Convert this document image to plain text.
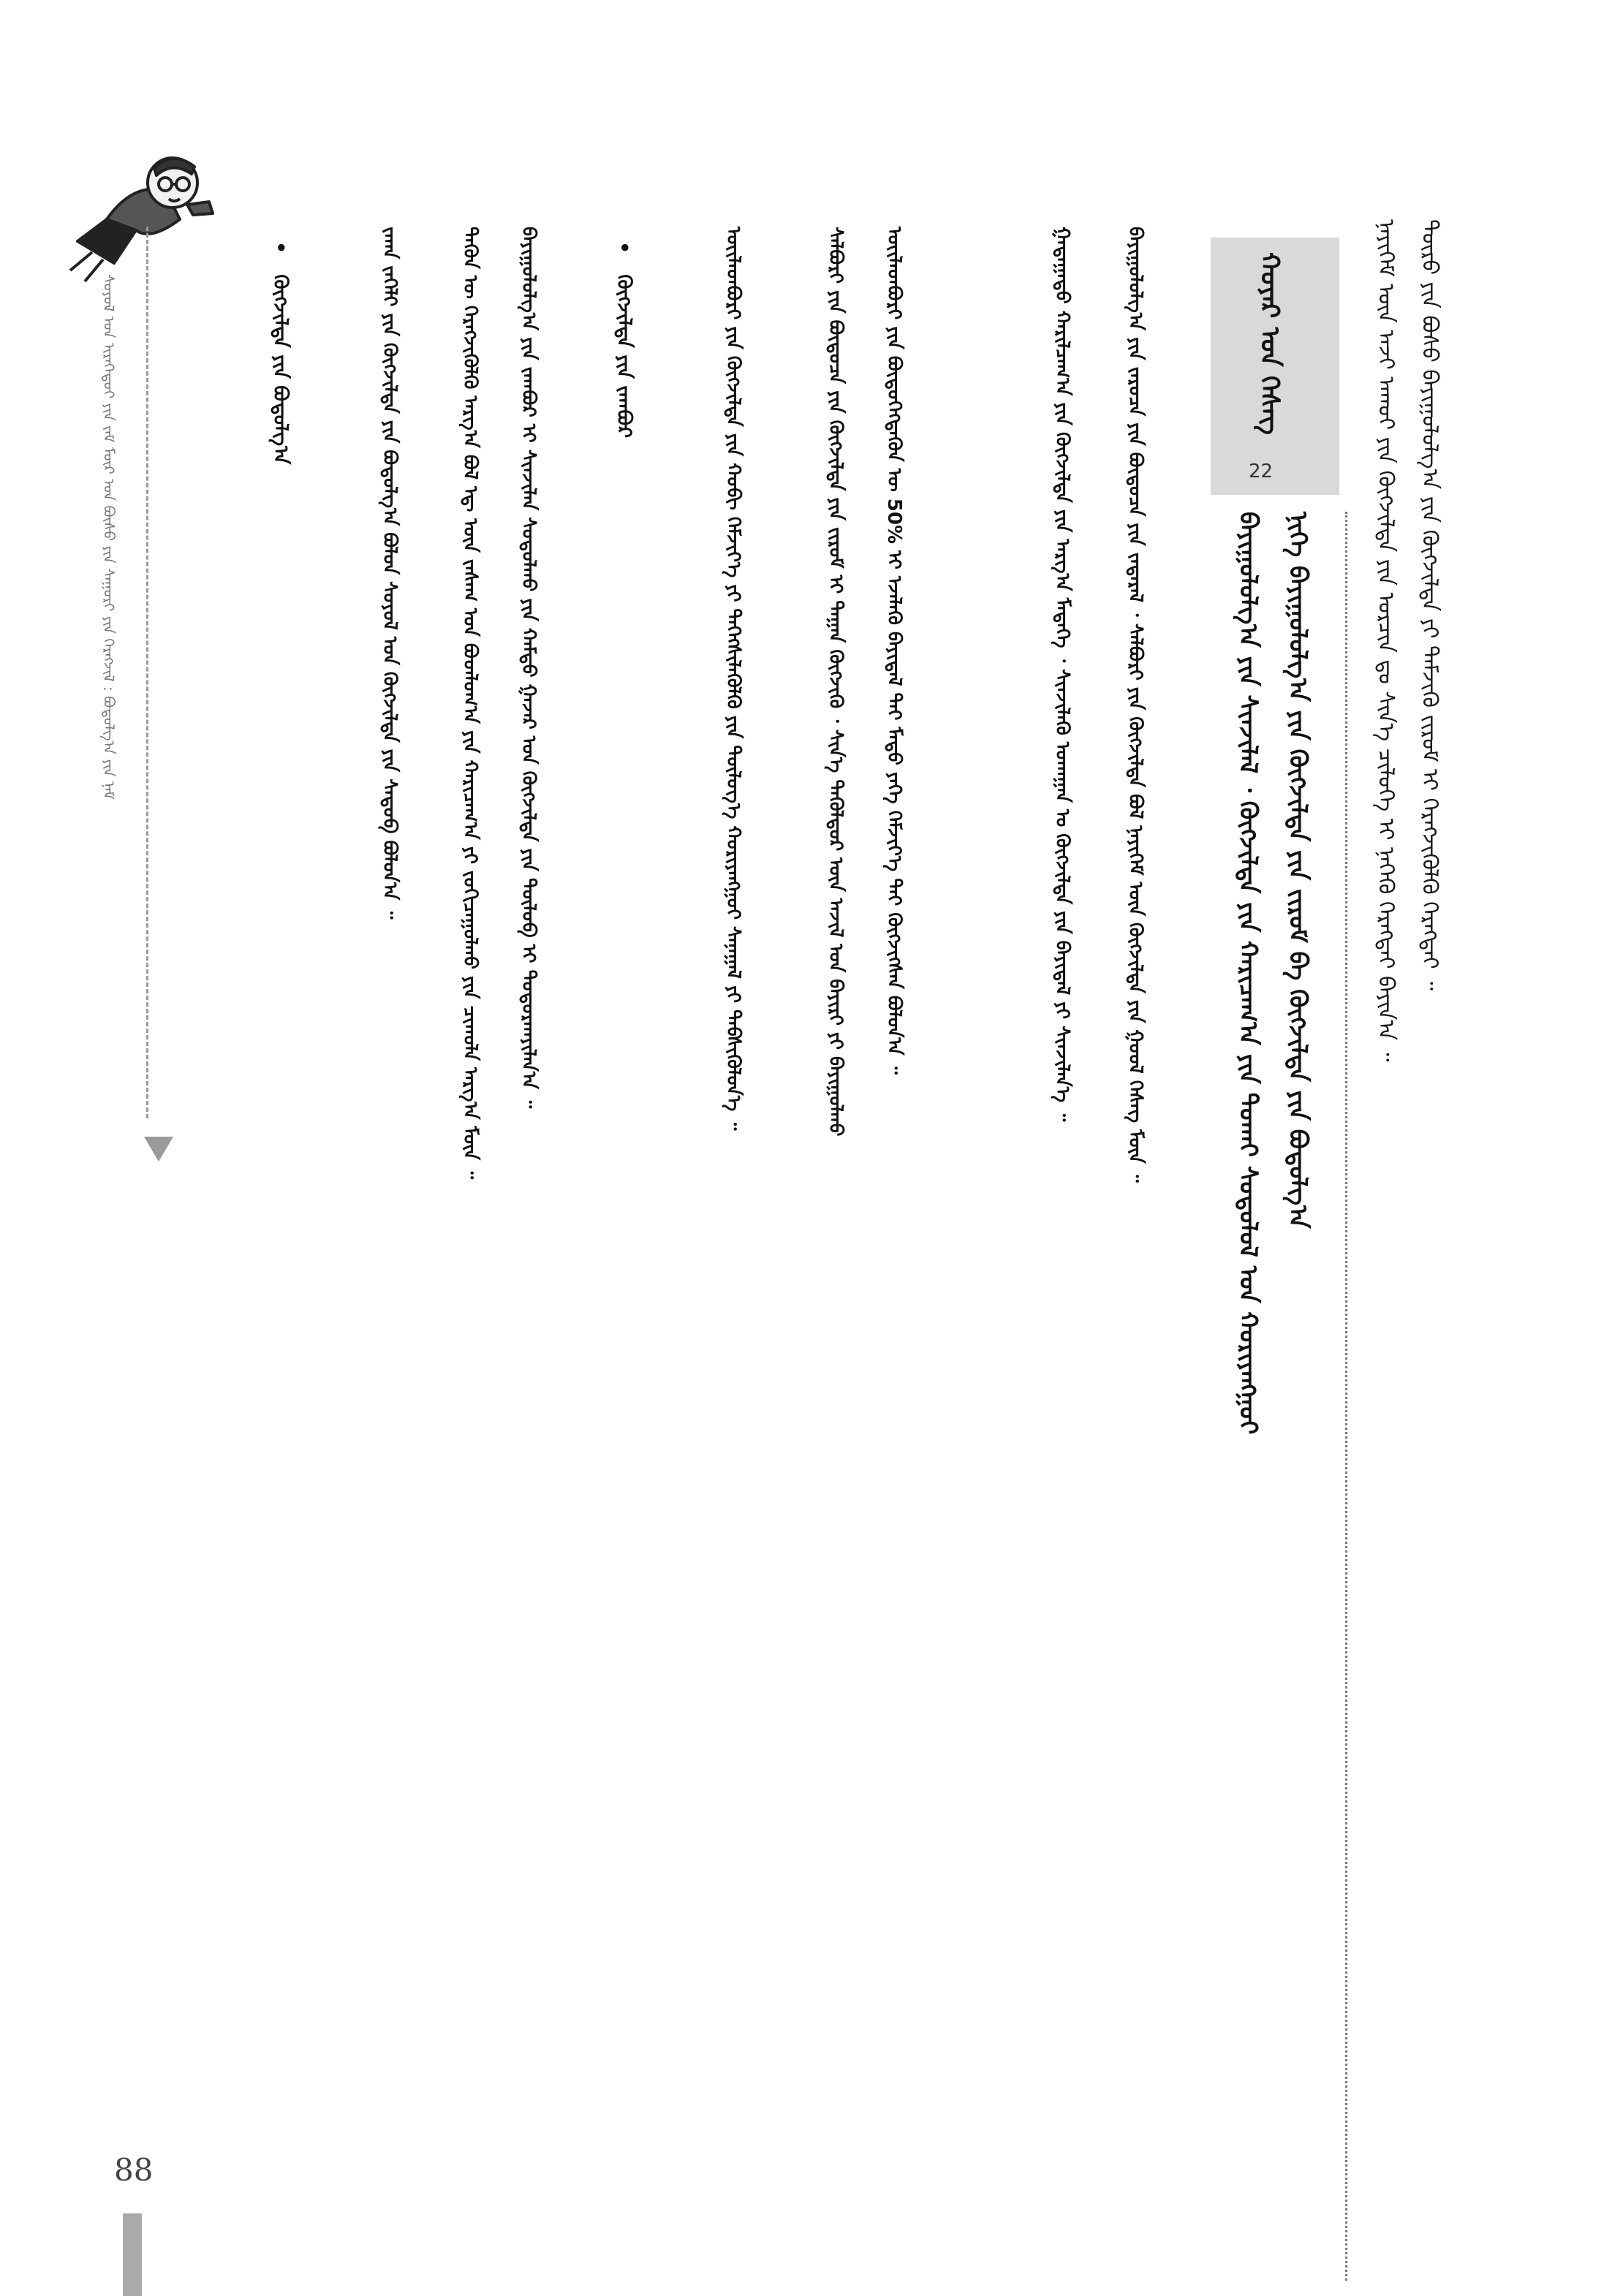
ᠰᠣᠶᠣᠯ ᠤᠨ ᠢᠷᠡᠭᠡᠳᠦᠢ ᠶᠢᠨ ᠵᠠᠮ ᠮᠥᠷ ᠤᠨ ᠪᠥᠰᠥ ᠶᠢᠨ ᠰᠠᠭᠤᠷᠢ ᠶᠢᠨ ᠬᠡᠷᠡᠭᠵᠢᠯ : ᠪᠣᠳᠣᠯᠭ᠎ᠠ ᠶᠢᠨ ᠨᠠᠮ
88
ᠲᠦᠷᠦ ᠶᠢᠨ ᠪᠤᠰᠤ ᠪᠠᠶᠢᠭᠤᠯᠤᠯᠭ᠎ᠠ ᠶᠢᠨ ᠬᠥᠭᠵᠢᠯᠲᠡ ᠶᠢ ᠳᠡᠮᠵᠢᠬᠦ ᠵᠢᠷᠤᠮ ᠢ ᠬᠡᠷᠡᠭᠵᠢᠭᠦᠯᠬᠦ ᠬᠡᠷᠡᠭᠲᠡᠢ ᠃
ᠨᠡᠶᠢᠭᠡᠮ ᠦᠨ ᠠᠵᠢ ᠠᠬᠤᠢ ᠶᠢᠨ ᠬᠥᠭᠵᠢᠯᠲᠡ ᠶᠢᠨ ᠣᠷᠴᠢᠨ ᠳᠤ ᠰᠢᠨ᠎ᠡ ᠴᠢᠯᠦᠭᠡ ᠢ ᠨᠡᠬᠡᠬᠦ ᠬᠡᠷᠡᠭᠲᠡᠢ ᠪᠠᠶᠢᠨ᠎ᠠ ᠃
ᠬᠣᠶᠠᠷ ᠤᠨ ᠬᠡᠰᠡᠭ
22
ᠨᠢᠭᠡ ᠪᠠᠶᠢᠭᠤᠯᠤᠯᠭ᠎ᠠ ᠶᠢᠨ ᠬᠥᠭᠵᠢᠯᠲᠡ ᠶᠢᠨ ᠵᠢᠷᠤᠮ ᠪᠠ ᠬᠥᠭᠵᠢᠯᠲᠡ ᠶᠢᠨ ᠪᠣᠳᠣᠯᠭ᠎ᠠ
ᠪᠠᠶᠢᠭᠤᠯᠤᠯᠭ᠎ᠠ ᠶᠢᠨ ᠰᠢᠨᠵᠢᠯᠡᠯ ᠂ ᠬᠥᠭᠵᠢᠯᠲᠡ ᠶᠢᠨ ᠬᠠᠷᠢᠴᠠᠭ᠎ᠠ ᠶᠢᠨ ᠲᠤᠬᠠᠢ ᠰᠤᠳᠤᠯᠤᠯ ᠤᠨ ᠬᠣᠷᠢᠶᠠᠩᠭᠤᠢ
ᠪᠠᠶᠢᠭᠤᠯᠤᠯᠭ᠎ᠠ ᠶᠢᠨ ᠵᠠᠷᠤᠴᠠ ᠶᠢᠨ ᠪᠦᠲᠦᠴᠡ ᠶᠢᠨ ᠵᠠᠳᠠᠷᠠᠯ ᠂ ᠰᠠᠯᠪᠤᠷᠢ ᠶᠢᠨ ᠬᠥᠭᠵᠢᠯᠲᠡ ᠪᠣᠯ ᠨᠡᠶᠢᠭᠡᠮ ᠦᠨ ᠬᠥᠭᠵᠢᠯᠲᠡ ᠶᠢᠨ ᠭᠣᠣᠯ ᠬᠡᠰᠡᠭ ᠮᠥᠨ ᠃
ᠭᠠᠳᠠᠭᠠᠳᠤ ᠬᠠᠷᠢᠯᠴᠠᠭ᠎ᠠ ᠶᠢᠨ ᠬᠥᠭᠵᠢᠯᠲᠡ ᠶᠢᠨ ᠠᠷᠭ᠎ᠠ ᠮᠡᠳᠡᠭᠡ ᠂ ᠰᠢᠨᠵᠢᠯᠡᠬᠦ ᠤᠬᠠᠭᠠᠨ ᠤ ᠬᠥᠭᠵᠢᠯᠲᠡ ᠶᠢᠨ ᠪᠠᠶᠢᠳᠠᠯ ᠶᠢ ᠰᠢᠨᠵᠢᠯᠡᠨ᠎ᠡ ᠃
ᠦᠢᠯᠡᠳᠪᠦᠷᠢ ᠶᠢᠨ ᠪᠦᠲᠦᠭᠡᠭᠳᠡᠬᠦᠨ ᠦ 50% ᠢ ᠡᠵᠡᠯᠡᠬᠦ ᠪᠠᠶᠢᠳᠠᠯ ᠲᠠᠢ ᠮᠡᠲᠦ ᠶᠡᠬᠡ ᠬᠡᠮᠵᠢᠶ᠎ᠡ ᠲᠠᠢ ᠬᠥᠭᠵᠢᠭᠰᠡᠨ ᠪᠣᠯᠤᠨ᠎ᠠ ᠃
ᠰᠠᠯᠪᠤᠷᠢ ᠶᠢᠨ ᠪᠦᠲᠦᠴᠡ ᠶᠢᠨ ᠬᠥᠭᠵᠢᠯᠲᠡ ᠶᠢᠨ ᠵᠢᠷᠤᠮ ᠢ ᠳᠠᠭᠠᠨ ᠬᠥᠭᠵᠢᠬᠦ ᠂ ᠰᠢᠨ᠎ᠡ ᠲᠡᠭᠦᠯᠳᠦᠷ ᠦᠨ ᠠᠵᠢᠯ ᠤᠨ ᠪᠠᠶᠢᠷᠢ ᠶᠢ ᠪᠠᠶᠢᠭᠤᠯᠬᠤ
ᠦᠢᠯᠡᠳᠪᠦᠷᠢ ᠶᠢᠨ ᠬᠥᠭᠵᠢᠯᠲᠡ ᠶᠢᠨ ᠬᠤᠪᠢ ᠬᠡᠮᠵᠢᠶ᠎ᠡ ᠶᠢ ᠳᠡᠭᠡᠭᠰᠢᠯᠡᠭᠦᠯᠬᠦ ᠶᠢᠨ ᠲᠥᠯᠥᠭ᠎ᠡ ᠬᠣᠷᠢᠶᠠᠩᠭᠤᠢ ᠰᠠᠨᠠᠭᠠᠯ ᠶᠢ ᠳᠡᠪᠰᠢᠭᠦᠯᠦᠨ᠎ᠡ ᠃
•ᠬᠥᠭᠵᠢᠯᠲᠡ ᠶᠢᠨ ᠵᠠᠭᠪᠤᠷ
ᠪᠠᠶᠢᠭᠤᠯᠤᠯᠭ᠎ᠠ ᠶᠢᠨ ᠵᠠᠭᠪᠤᠷ ᠢ ᠰᠢᠨᠵᠢᠯᠡᠨ ᠰᠤᠳᠤᠯᠬᠤ ᠶᠢᠨ ᠬᠠᠮᠲᠤ ᠭᠠᠵᠠᠷ ᠤᠨ ᠬᠥᠭᠵᠢᠯᠲᠡ ᠶᠢᠨ ᠲᠥᠯᠥᠪ ᠢ ᠲᠤᠳᠤᠷᠬᠠᠶᠢᠯᠠᠨ᠎ᠠ ᠃
ᠲᠡᠭᠦᠨ ᠦ ᠬᠡᠷᠡᠭᠵᠢᠭᠦᠯᠬᠦ ᠠᠷᠭ᠎ᠠ ᠪᠣᠯ ᠡᠳ᠋ ᠦᠨ ᠵᠠᠰᠠᠭ ᠤᠨ ᠪᠣᠳᠯᠣᠭ᠎ᠠ ᠶᠢᠨ ᠬᠠᠷᠢᠴᠠᠭ᠎ᠠ ᠶᠢ ᠵᠣᠬᠢᠴᠠᠭᠤᠯᠬᠤ ᠶᠢᠨ ᠴᠢᠬᠤᠯᠠ ᠠᠷᠭ᠎ᠠ ᠮᠥᠨ ᠃
ᠵᠠᠬᠠ ᠵᠡᠭᠡᠯᠢ ᠶᠢᠨ ᠬᠥᠭᠵᠢᠯᠲᠡ ᠶᠢᠨ ᠪᠣᠳᠣᠯᠭ᠎ᠠ ᠪᠣᠯᠤᠨ ᠰᠣᠶᠣᠯ ᠤᠨ ᠬᠥᠭᠵᠢᠯᠲᠡ ᠶᠢᠨ ᠰᠡᠳᠦᠪ ᠪᠣᠯᠤᠨ᠎ᠠ ᠃
•ᠬᠥᠭᠵᠢᠯᠲᠡ ᠶᠢᠨ ᠪᠣᠳᠣᠯᠭ᠎ᠠ
